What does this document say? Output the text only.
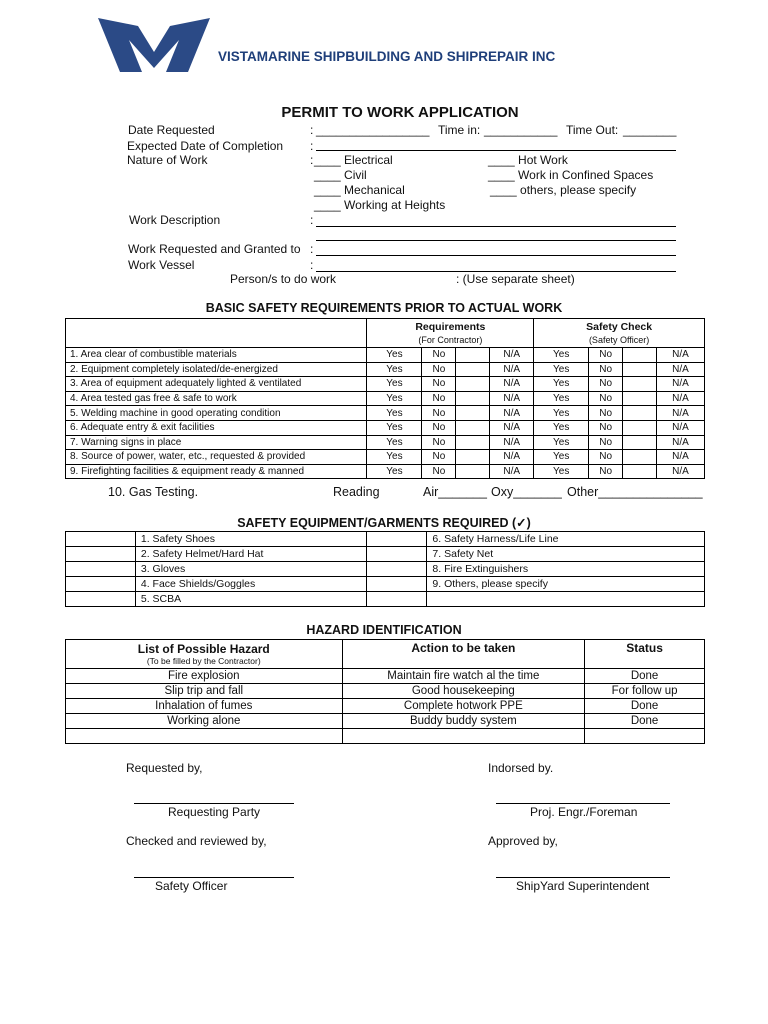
VISTAMARINE SHIPBUILDING AND SHIPREPAIR INC
PERMIT TO WORK APPLICATION
Date Requested	: _________________ Time in: ___________ Time Out: ________
Expected Date of Completion :
Nature of Work	: ____ Electrical
____ Civil
____ Mechanical
____ Working at Heights
____ Hot Work
____ Work in Confined Spaces
____ others, please specify
Work Description	:
Work Requested and Granted to :
Work Vessel	:
Person/s to do work	: (Use separate sheet)
BASIC SAFETY REQUIREMENTS PRIOR TO ACTUAL WORK
	Requirements
(For Contractor)				Safety Check
(Safety Officer)			

1. Area clear of combustible materials	Yes	No		N/A	Yes	No		N/A
2. Equipment completely isolated/de-energized	Yes	No		N/A	Yes	No		N/A
3. Area of equipment adequately lighted & ventilated	Yes	No		N/A	Yes	No		N/A
4. Area tested gas free & safe to work	Yes	No		N/A	Yes	No		N/A
5. Welding machine in good operating condition	Yes	No		N/A	Yes	No		N/A
6. Adequate entry & exit facilities	Yes	No		N/A	Yes	No		N/A
7. Warning signs in place	Yes	No		N/A	Yes	No		N/A
8. Source of power, water, etc., requested & provided	Yes	No		N/A	Yes	No		N/A
9. Firefighting facilities & equipment ready & manned	Yes	No		N/A	Yes	No		N/A
10. Gas Testing.	Reading	Air_______ Oxy_______ Other_______________
SAFETY EQUIPMENT/GARMENTS REQUIRED (✓)
	1. Safety Shoes		6. Safety Harness/Life Line
	2. Safety Helmet/Hard Hat		7. Safety Net
	3. Gloves		8. Fire Extinguishers
	4. Face Shields/Goggles		9. Others, please specify
	5. SCBA		
HAZARD IDENTIFICATION
List of Possible Hazard
(To be filled by the Contractor)	Action to be taken	Status
Fire explosion	Maintain fire watch al the time	Done
Slip trip and fall	Good housekeeping	For follow up
Inhalation of fumes	Complete hotwork PPE	Done
Working alone	Buddy buddy system	Done

Requested by,
Requesting Party
Indorsed by.
Proj. Engr./Foreman
Checked and reviewed by,
Safety Officer
Approved by,
ShipYard Superintendent
